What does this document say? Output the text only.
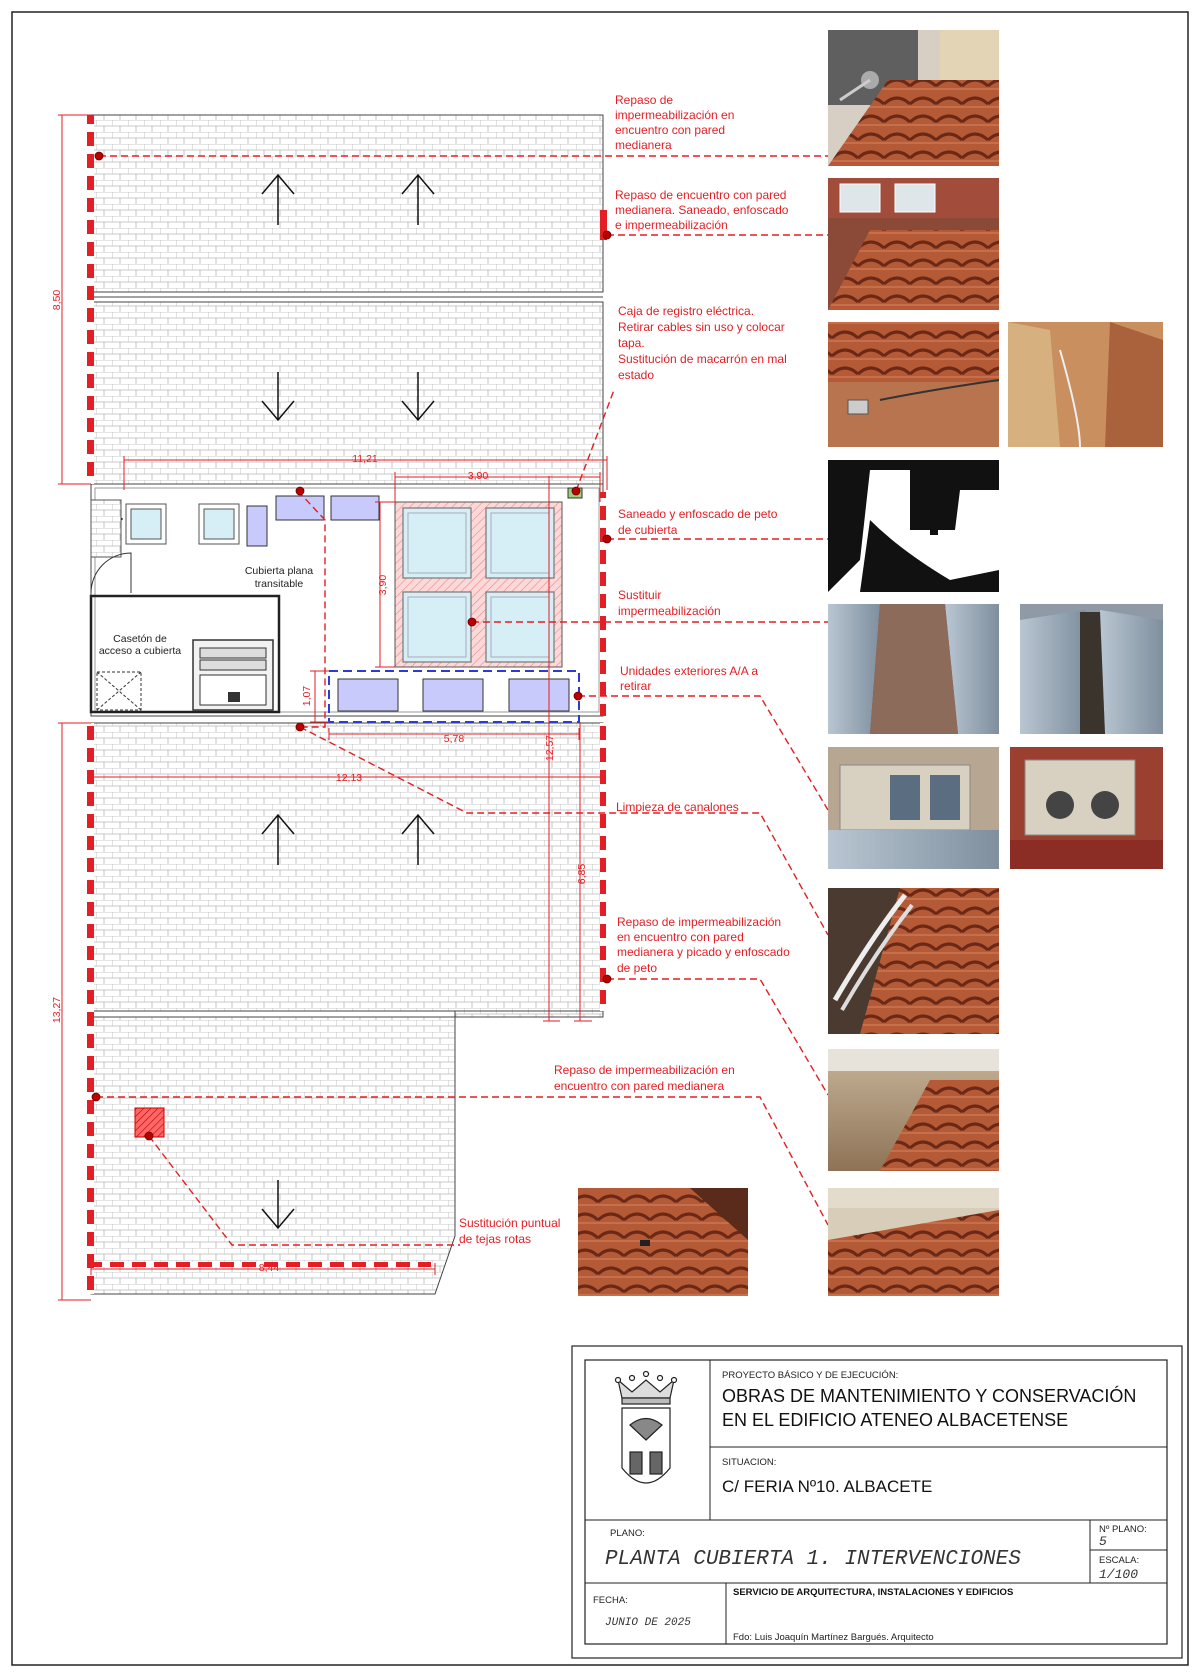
Cubierta plana
transitable
Casetón de
acceso a cubierta
8,50
13,27
11,21
3,90
3,90
1,07
5,78
12,13
12,57
6,85
8,44
Repaso de impermeabilización en encuentro con pared medianera
Repaso de encuentro con pared medianera. Saneado, enfoscado e impermeabilización
Caja de registro eléctrica. Retirar cables sin uso y colocar tapa. Sustitución de macarrón en mal estado
Saneado y enfoscado de peto de cubierta
Sustituir impermeabilización
Unidades exteriores A/A a retirar
Limpieza de canalones
Repaso de impermeabilización en encuentro con pared medianera y picado y enfoscado de peto
Repaso de impermeabilización en encuentro con pared medianera
Sustitución puntual de tejas rotas
PROYECTO BÁSICO Y DE EJECUCIÓN:
OBRAS DE MANTENIMIENTO Y CONSERVACIÓN
EN EL EDIFICIO ATENEO ALBACETENSE
SITUACION:
C/ FERIA Nº10. ALBACETE
PLANO:
PLANTA CUBIERTA 1. INTERVENCIONES
Nº PLANO:
5
ESCALA:
1/100
FECHA:
JUNIO DE 2025
SERVICIO DE ARQUITECTURA, INSTALACIONES Y EDIFICIOS
Fdo: Luis Joaquín Martínez Bargués. Arquitecto
